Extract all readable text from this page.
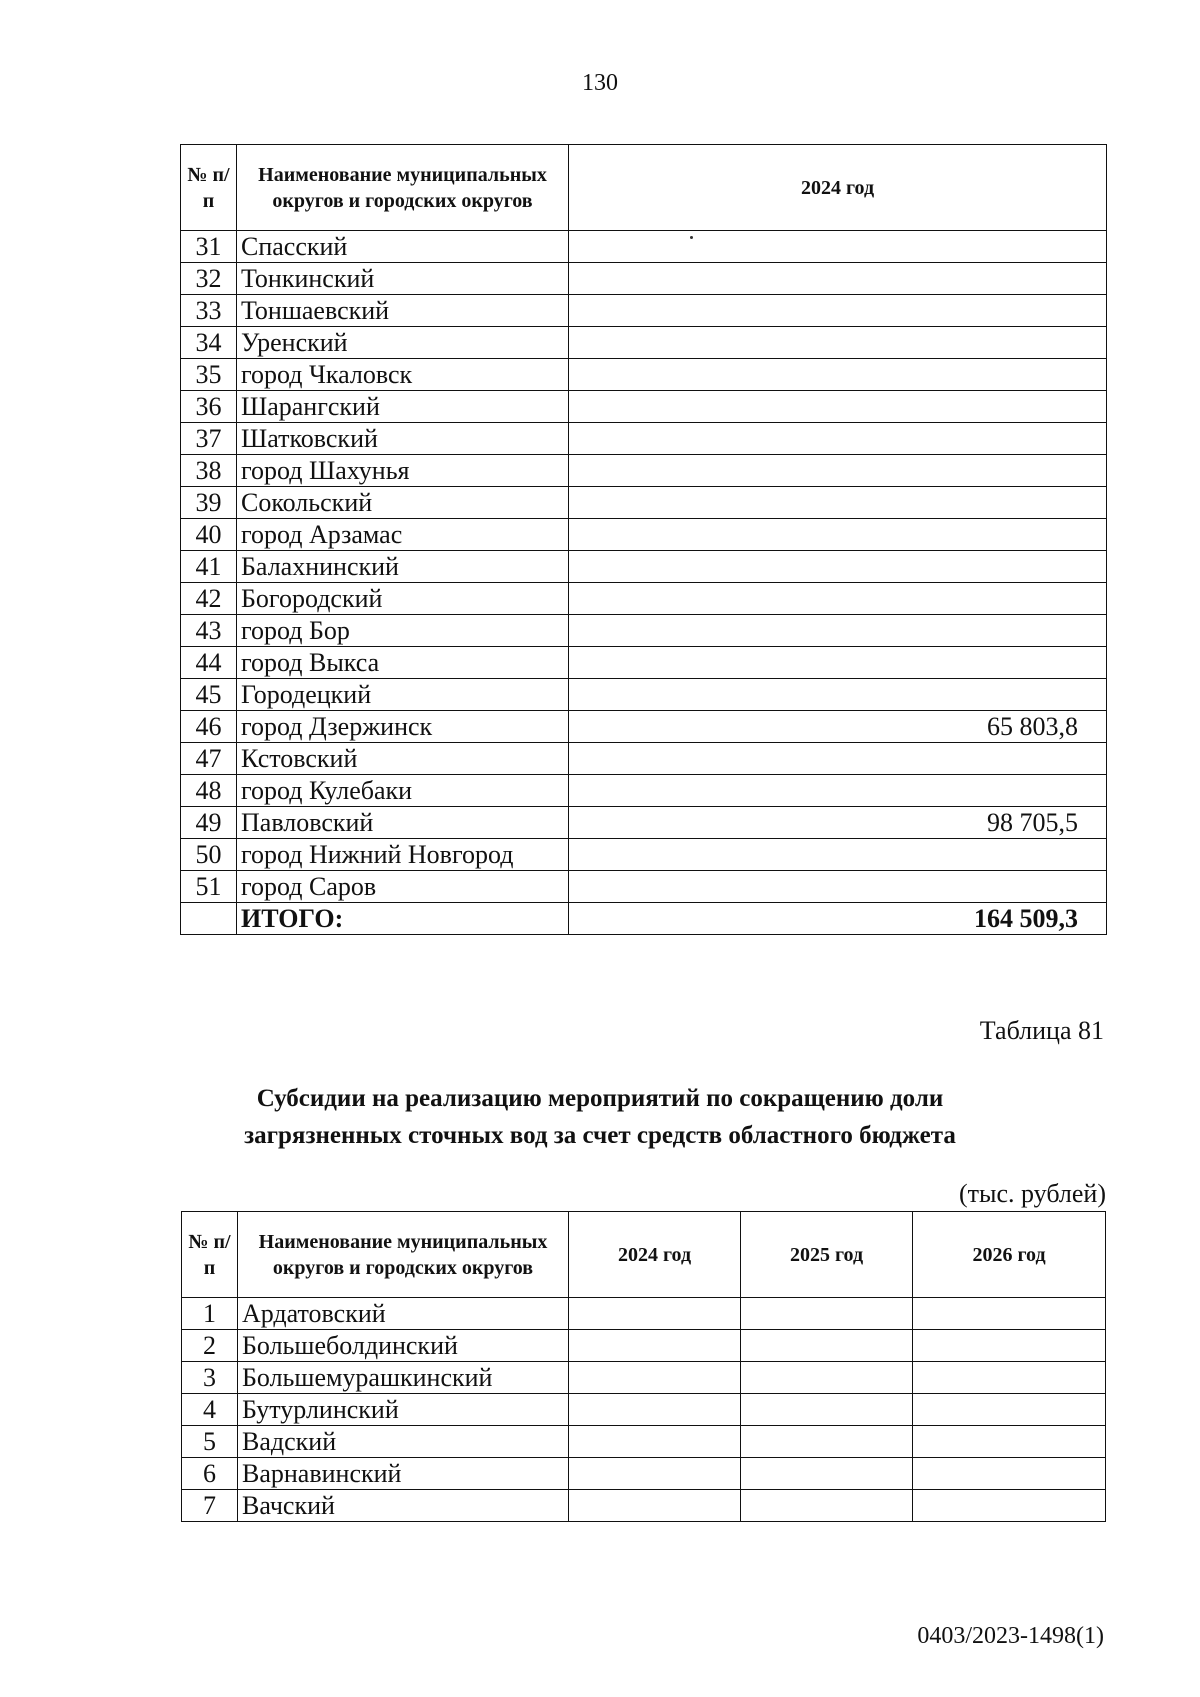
130
№ п/п	Наименование муниципальных округов и городских округов	2024 год
31	Спасский	
32	Тонкинский	
33	Тоншаевский	
34	Уренский	
35	город Чкаловск	
36	Шарангский	
37	Шатковский	
38	город Шахунья	
39	Сокольский	
40	город Арзамас	
41	Балахнинский	
42	Богородский	
43	город Бор	
44	город Выкса	
45	Городецкий	
46	город Дзержинск	65 803,8
47	Кстовский	
48	город Кулебаки	
49	Павловский	98 705,5
50	город Нижний Новгород	
51	город Саров	
	ИТОГО:	164 509,3
Таблица 81
Субсидии на реализацию мероприятий по сокращению доли загрязненных сточных вод за счет средств областного бюджета
(тыс. рублей)
№ п/п	Наименование муниципальных округов и городских округов	2024 год	2025 год	2026 год
1	Ардатовский			
2	Большеболдинский			
3	Большемурашкинский			
4	Бутурлинский			
5	Вадский			
6	Варнавинский			
7	Вачский			
0403/2023-1498(1)
